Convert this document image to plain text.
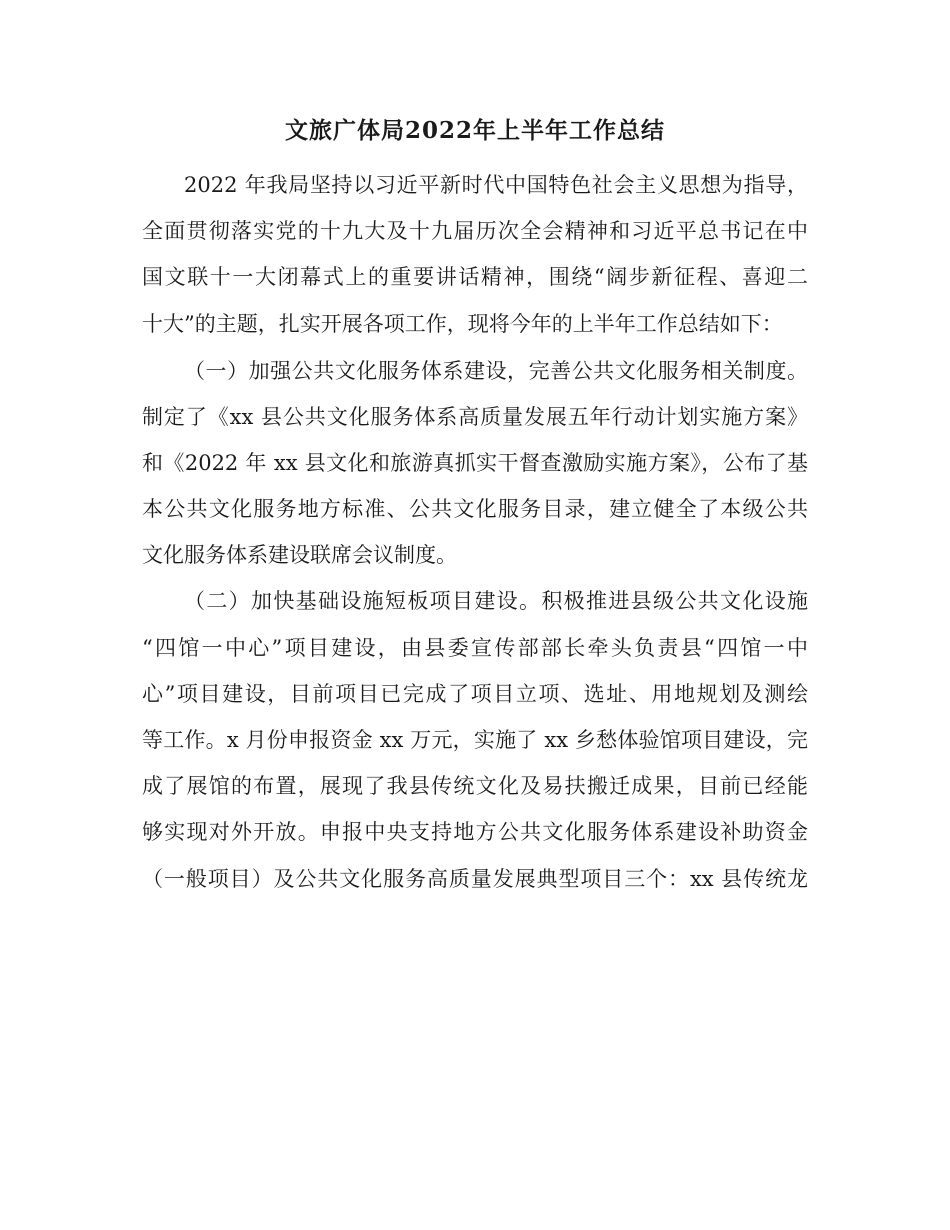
文旅广体局2022年上半年工作总结
2022 年我局坚持以习近平新时代中国特色社会主义思想为指导，
全面贯彻落实党的十九大及十九届历次全会精神和习近平总书记在中
国文联十一大闭幕式上的重要讲话精神，围绕“阔步新征程、喜迎二
十大”的主题，扎实开展各项工作，现将今年的上半年工作总结如下：
（一）加强公共文化服务体系建设，完善公共文化服务相关制度。
制定了《xx 县公共文化服务体系高质量发展五年行动计划实施方案》
和《2022 年 xx 县文化和旅游真抓实干督查激励实施方案》，公布了基
本公共文化服务地方标准、公共文化服务目录，建立健全了本级公共
文化服务体系建设联席会议制度。
（二）加快基础设施短板项目建设。积极推进县级公共文化设施
“四馆一中心”项目建设，由县委宣传部部长牵头负责县“四馆一中
心”项目建设，目前项目已完成了项目立项、选址、用地规划及测绘
等工作。x 月份申报资金 xx 万元，实施了 xx 乡愁体验馆项目建设，完
成了展馆的布置，展现了我县传统文化及易扶搬迁成果，目前已经能
够实现对外开放。申报中央支持地方公共文化服务体系建设补助资金
（一般项目）及公共文化服务高质量发展典型项目三个：xx 县传统龙
